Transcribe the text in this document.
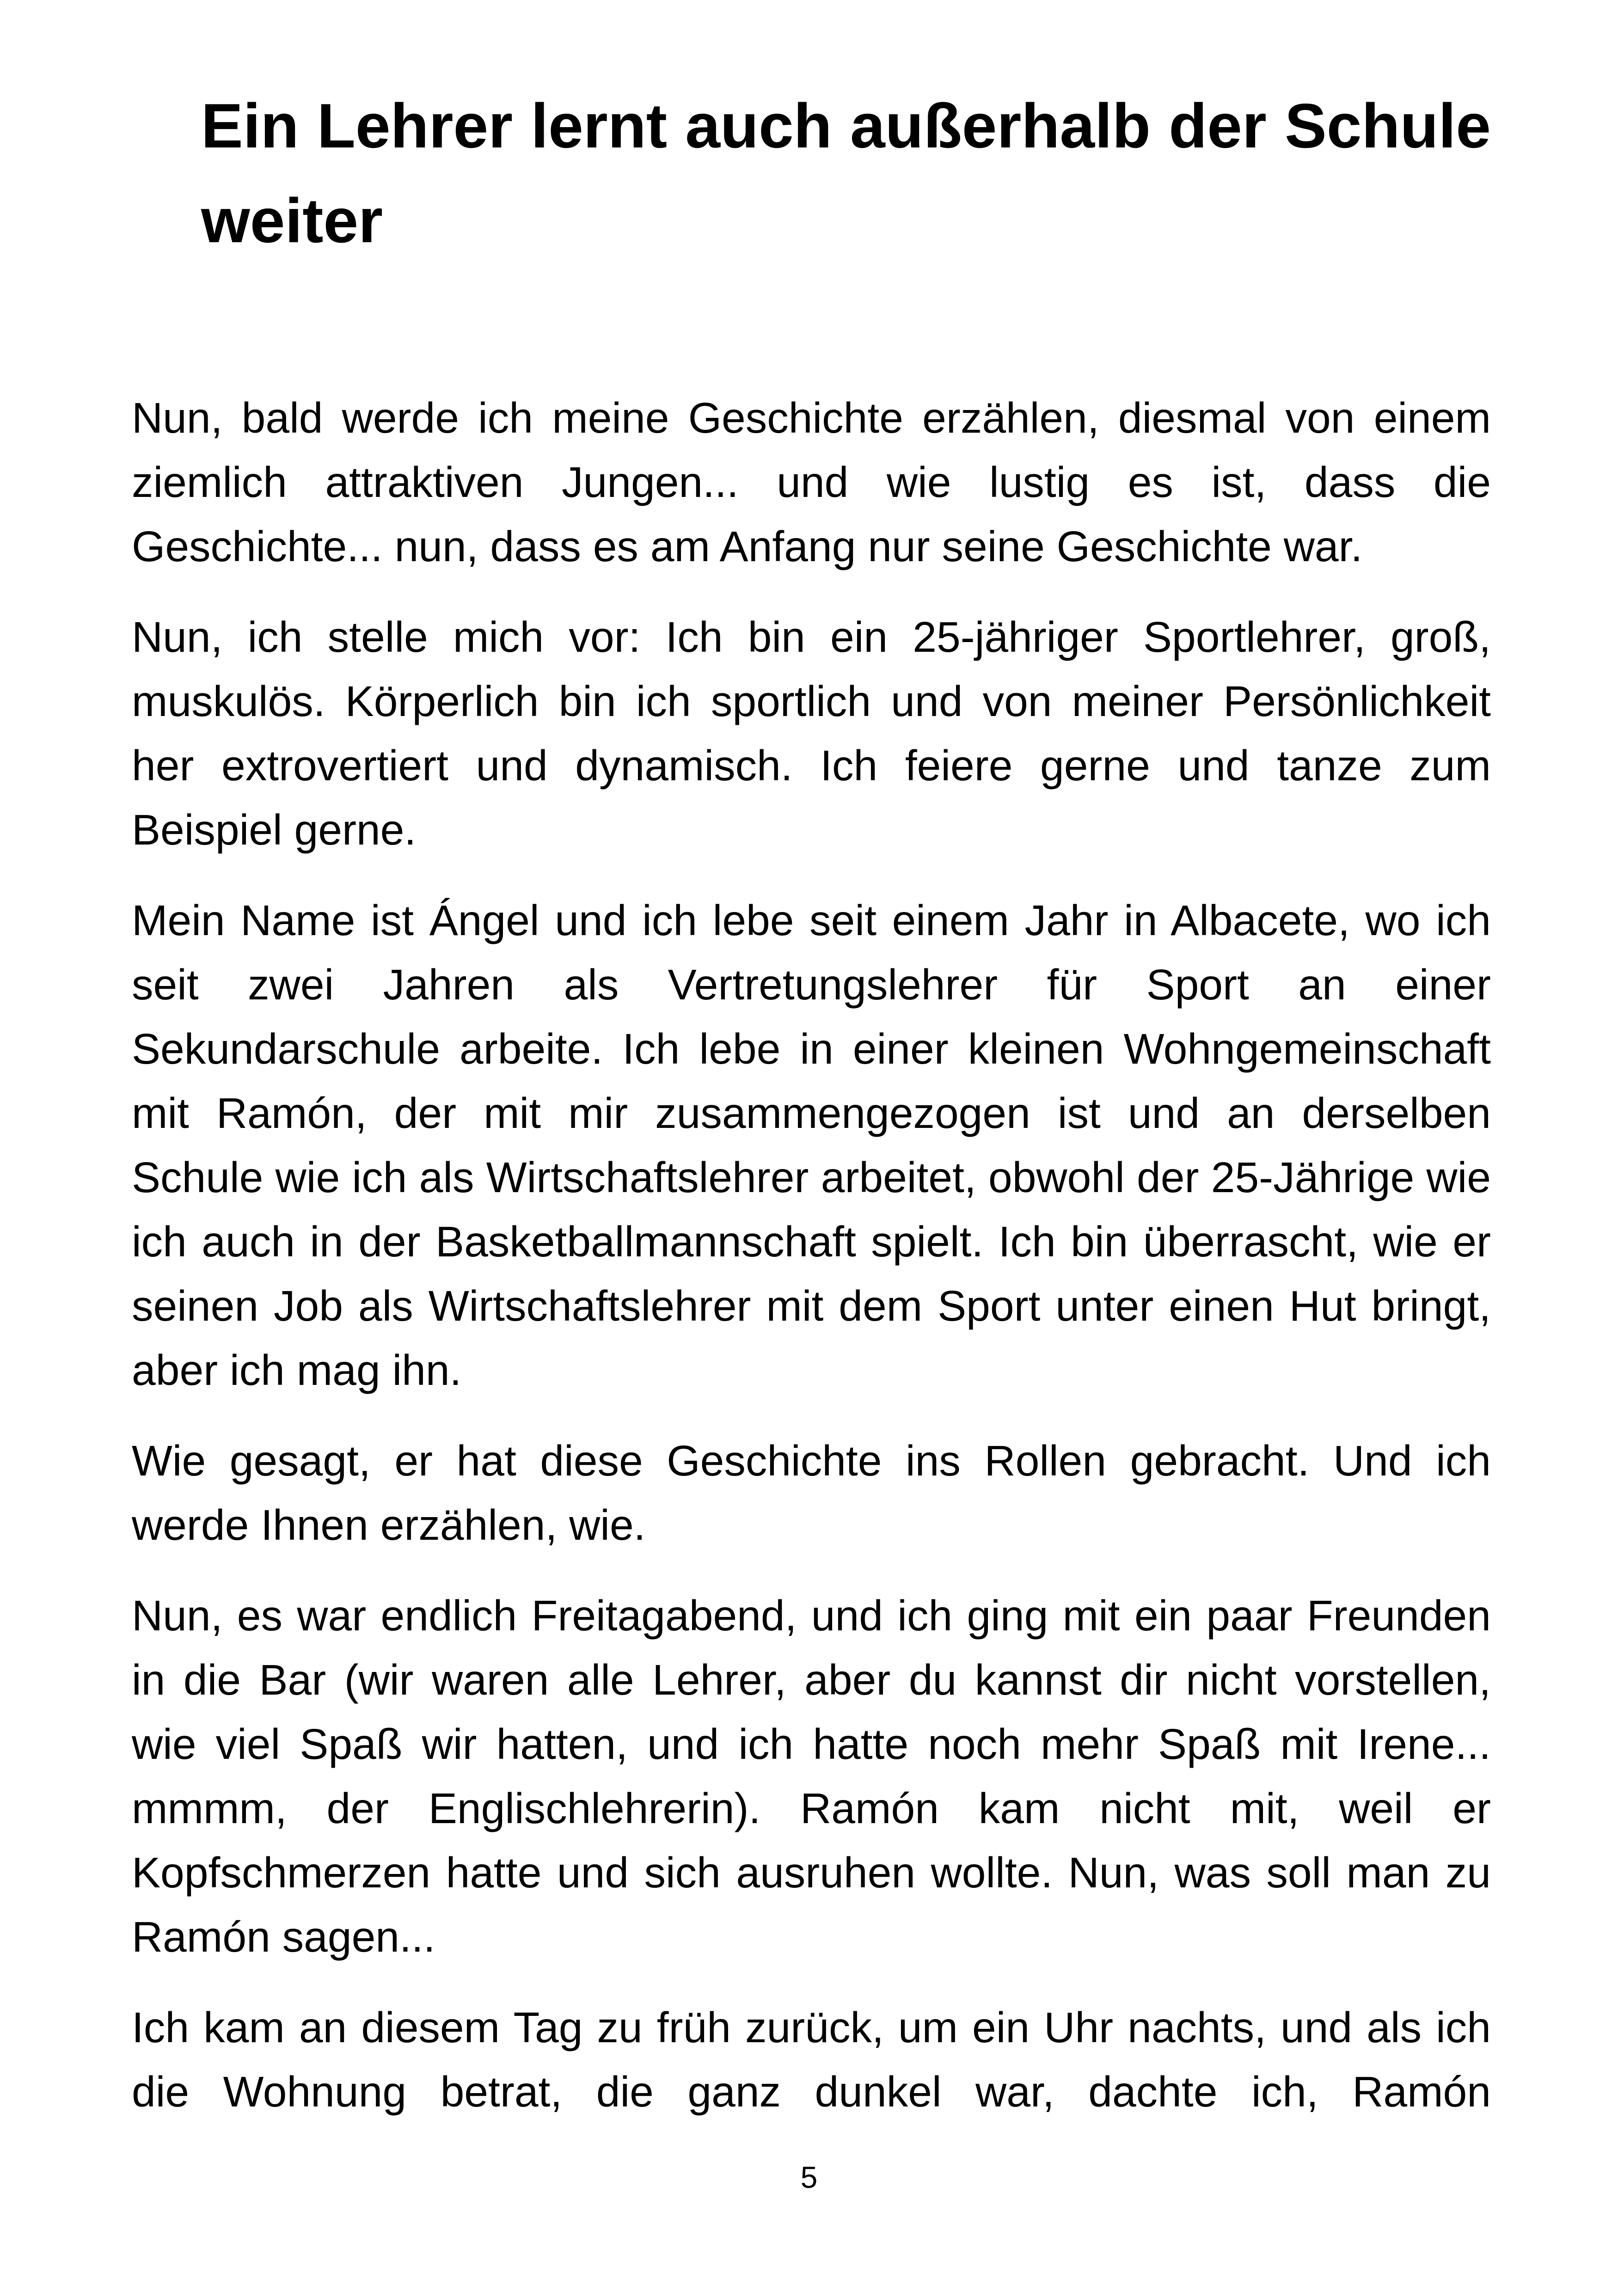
Ein Lehrer lernt auch außerhalb der Schule weiter

Nun, bald werde ich meine Geschichte erzählen, diesmal von einem ziemlich attraktiven Jungen... und wie lustig es ist, dass die Geschichte... nun, dass es am Anfang nur seine Geschichte war.

Nun, ich stelle mich vor: Ich bin ein 25-jähriger Sportlehrer, groß, muskulös. Körperlich bin ich sportlich und von meiner Persönlichkeit her extrovertiert und dynamisch. Ich feiere gerne und tanze zum Beispiel gerne.

Mein Name ist Ángel und ich lebe seit einem Jahr in Albacete, wo ich seit zwei Jahren als Vertretungslehrer für Sport an einer Sekundarschule arbeite. Ich lebe in einer kleinen Wohngemeinschaft mit Ramón, der mit mir zusammengezogen ist und an derselben Schule wie ich als Wirtschaftslehrer arbeitet, obwohl der 25-Jährige wie ich auch in der Basketballmannschaft spielt. Ich bin überrascht, wie er seinen Job als Wirtschaftslehrer mit dem Sport unter einen Hut bringt, aber ich mag ihn.

Wie gesagt, er hat diese Geschichte ins Rollen gebracht. Und ich werde Ihnen erzählen, wie.

Nun, es war endlich Freitagabend, und ich ging mit ein paar Freunden in die Bar (wir waren alle Lehrer, aber du kannst dir nicht vorstellen, wie viel Spaß wir hatten, und ich hatte noch mehr Spaß mit Irene... mmmm, der Englischlehrerin). Ramón kam nicht mit, weil er Kopfschmerzen hatte und sich ausruhen wollte. Nun, was soll man zu Ramón sagen...

Ich kam an diesem Tag zu früh zurück, um ein Uhr nachts, und als ich die Wohnung betrat, die ganz dunkel war, dachte ich, Ramón

5
